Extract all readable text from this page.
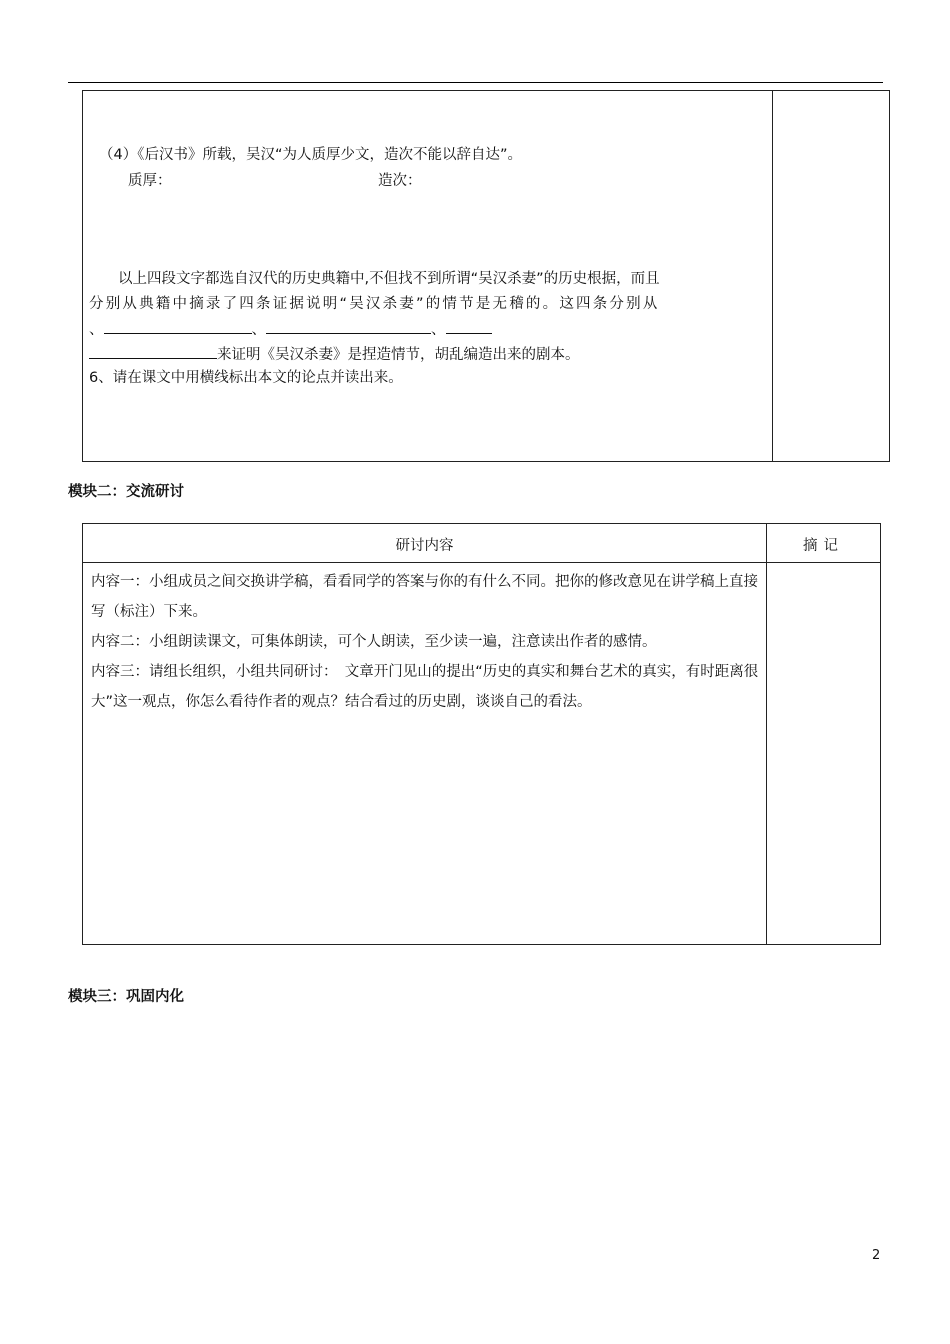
（4）《后汉书》所载，吴汉“为人质厚少文，造次不能以辞自达”。
质厚：	造次：
以上四段文字都选自汉代的历史典籍中,不但找不到所谓“吴汉杀妻”的历史根据，而且
分别从典籍中摘录了四条证据说明“吴汉杀妻”的情节是无稽的。这四条分别从
、	、	、
来证明《吴汉杀妻》是捏造情节，胡乱编造出来的剧本。
6、请在课文中用横线标出本文的论点并读出来。
模块二：交流研讨
研讨内容	摘记

内容一：小组成员之间交换讲学稿，看看同学的答案与你的有什么不同。把你的修改意见在讲学稿上直接写（标注）下来。

内容二：小组朗读课文，可集体朗读，可个人朗读，至少读一遍，注意读出作者的感情。

内容三：请组长组织，小组共同研讨：　文章开门见山的提出“历史的真实和舞台艺术的真实，有时距离很大”这一观点，你怎么看待作者的观点？结合看过的历史剧，谈谈自己的看法。

模块三：巩固内化
2
